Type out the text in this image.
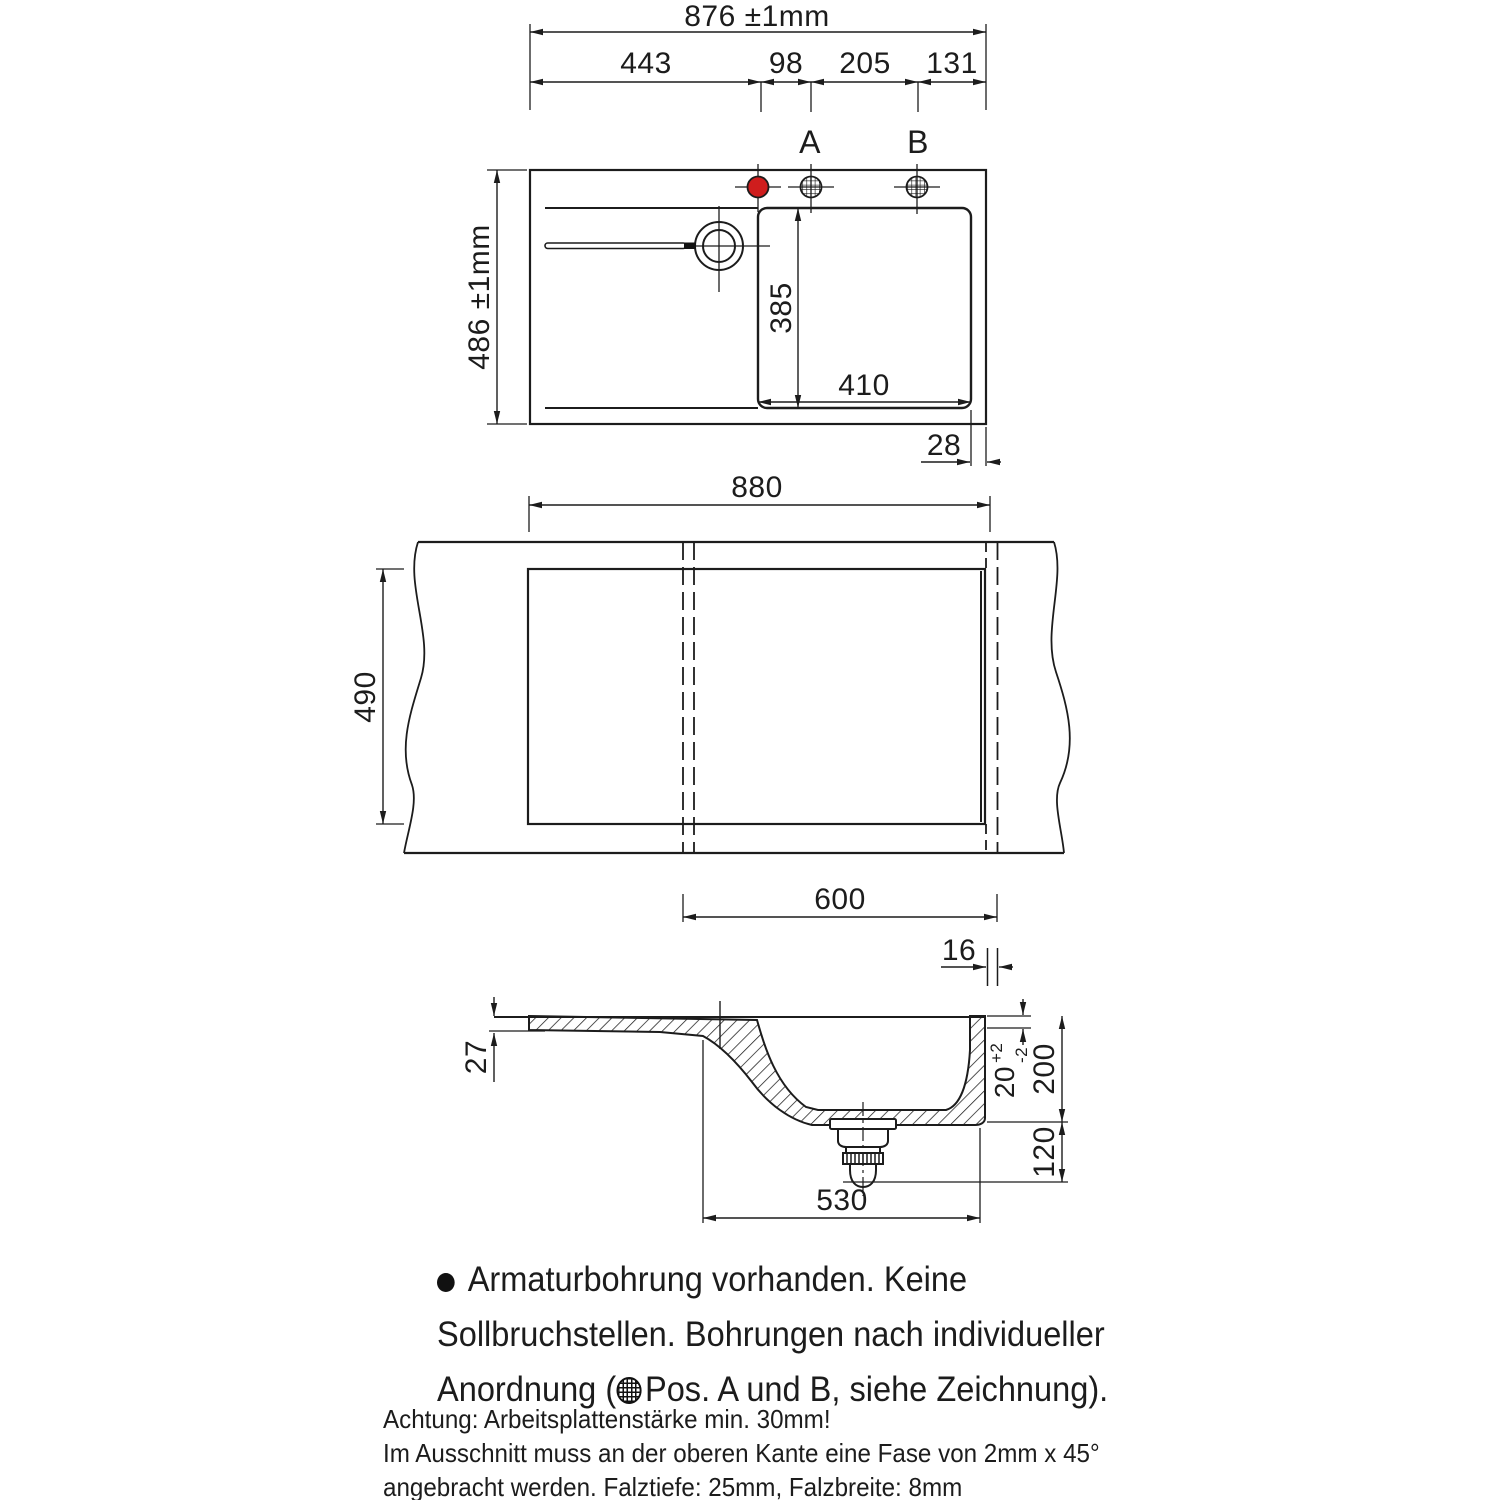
876 ±1mm
443	98 205 131
A	B
385
410
486 ±1mm
28
880
490
600
16
27
20
+2 -2
200
120
530
Armaturbohrung vorhanden. Keine
Sollbruchstellen. Bohrungen nach individueller
Anordnung ( Pos. A und B, siehe Zeichnung).
Achtung: Arbeitsplattenstärke min. 30mm!
Im Ausschnitt muss an der oberen Kante eine Fase von 2mm x 45°
angebracht werden. Falztiefe: 25mm, Falzbreite: 8mm
